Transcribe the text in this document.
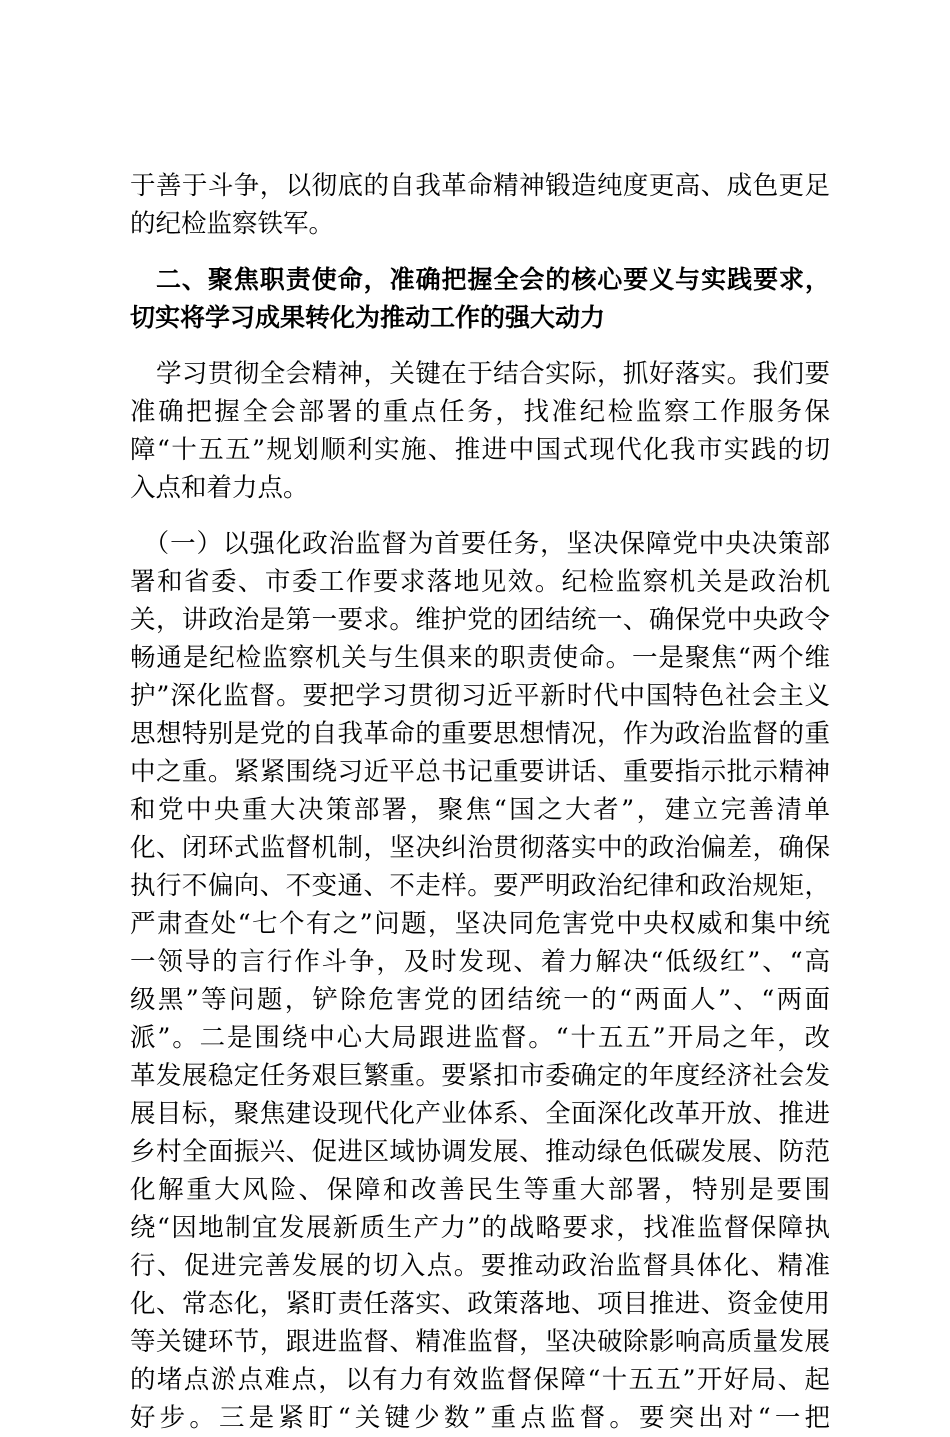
于善于斗争，以彻底的自我革命精神锻造纯度更高、成色更足
的纪检监察铁军。
　二、聚焦职责使命，准确把握全会的核心要义与实践要求，
切实将学习成果转化为推动工作的强大动力
　学习贯彻全会精神，关键在于结合实际，抓好落实。我们要
准确把握全会部署的重点任务，找准纪检监察工作服务保
障“十五五”规划顺利实施、推进中国式现代化我市实践的切
入点和着力点。
　（一）以强化政治监督为首要任务，坚决保障党中央决策部
署和省委、市委工作要求落地见效。纪检监察机关是政治机
关，讲政治是第一要求。维护党的团结统一、确保党中央政令
畅通是纪检监察机关与生俱来的职责使命。一是聚焦“两个维
护”深化监督。要把学习贯彻习近平新时代中国特色社会主义
思想特别是党的自我革命的重要思想情况，作为政治监督的重
中之重。紧紧围绕习近平总书记重要讲话、重要指示批示精神
和党中央重大决策部署，聚焦“国之大者”，建立完善清单
化、闭环式监督机制，坚决纠治贯彻落实中的政治偏差，确保
执行不偏向、不变通、不走样。要严明政治纪律和政治规矩，
严肃查处“七个有之”问题，坚决同危害党中央权威和集中统
一领导的言行作斗争，及时发现、着力解决“低级红”、“高
级黑”等问题，铲除危害党的团结统一的“两面人”、“两面
派”。二是围绕中心大局跟进监督。“十五五”开局之年，改
革发展稳定任务艰巨繁重。要紧扣市委确定的年度经济社会发
展目标，聚焦建设现代化产业体系、全面深化改革开放、推进
乡村全面振兴、促进区域协调发展、推动绿色低碳发展、防范
化解重大风险、保障和改善民生等重大部署，特别是要围
绕“因地制宜发展新质生产力”的战略要求，找准监督保障执
行、促进完善发展的切入点。要推动政治监督具体化、精准
化、常态化，紧盯责任落实、政策落地、项目推进、资金使用
等关键环节，跟进监督、精准监督，坚决破除影响高质量发展
的堵点淤点难点，以有力有效监督保障“十五五”开好局、起
好步。三是紧盯“关键少数”重点监督。要突出对“一把
